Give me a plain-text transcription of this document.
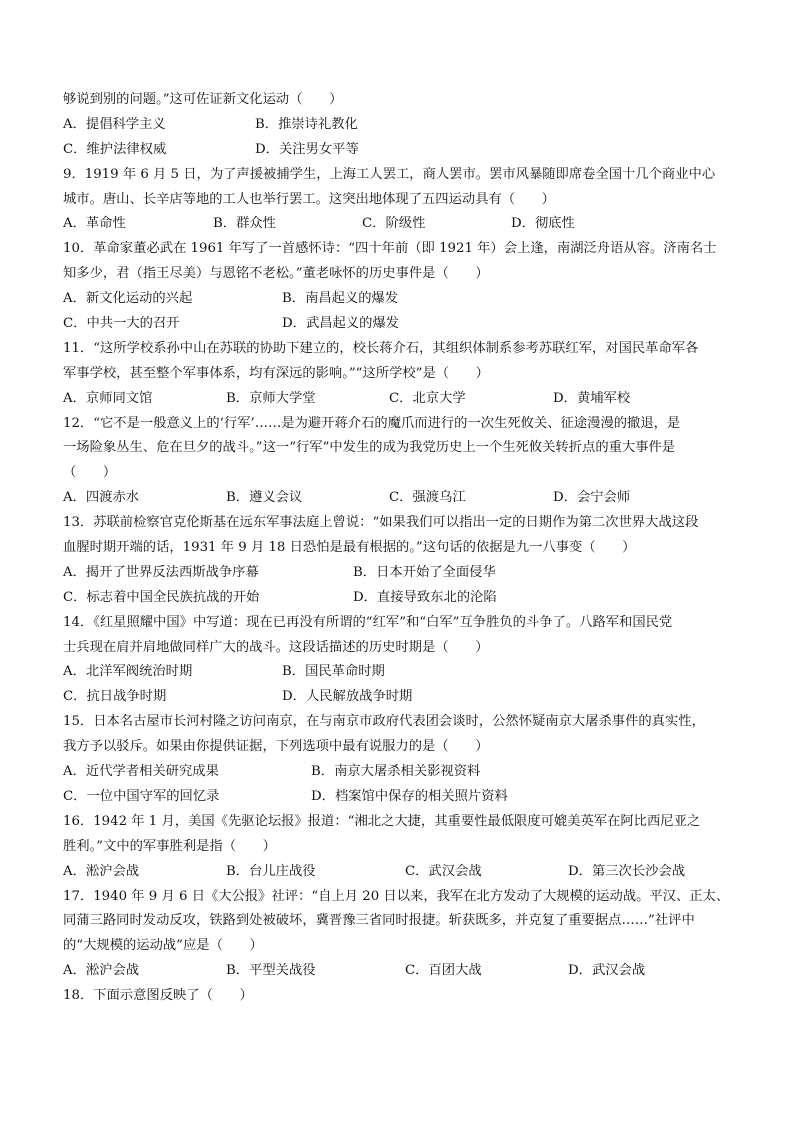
够说到别的问题。”这可佐证新文化运动（　　）
A．提倡科学主义	B．推崇诗礼教化
C．维护法律权威	D．关注男女平等
9．1919 年 6 月 5 日，为了声援被捕学生，上海工人罢工，商人罢市。罢市风暴随即席卷全国十几个商业中心
城市。唐山、长辛店等地的工人也举行罢工。这突出地体现了五四运动具有（　　）
A．革命性	B．群众性	C．阶级性	D．彻底性
10．革命家董必武在 1961 年写了一首感怀诗：“四十年前（即 1921 年）会上逢，南湖泛舟语从容。济南名士
知多少，君（指王尽美）与恩铭不老松。”董老咏怀的历史事件是（　　）
A．新文化运动的兴起	B．南昌起义的爆发
C．中共一大的召开	D．武昌起义的爆发
11．“这所学校系孙中山在苏联的协助下建立的，校长蒋介石，其组织体制系参考苏联红军，对国民革命军各
军事学校，甚至整个军事体系，均有深远的影响。”“这所学校”是（　　）
A．京师同文馆	B．京师大学堂	C．北京大学	D．黄埔军校
12．“它不是一般意义上的‘行军’……是为避开蒋介石的魔爪而进行的一次生死攸关、征途漫漫的撤退，是
一场险象丛生、危在旦夕的战斗。”这一“行军”中发生的成为我党历史上一个生死攸关转折点的重大事件是
（　　）
A．四渡赤水	B．遵义会议	C．强渡乌江	D．会宁会师
13．苏联前检察官克伦斯基在远东军事法庭上曾说：“如果我们可以指出一定的日期作为第二次世界大战这段
血腥时期开端的话，1931 年 9 月 18 日恐怕是最有根据的。”这句话的依据是九一八事变（　　）
A．揭开了世界反法西斯战争序幕	B．日本开始了全面侵华
C．标志着中国全民族抗战的开始	D．直接导致东北的沦陷
14．《红星照耀中国》中写道：现在已再没有所谓的“红军”和“白军”互争胜负的斗争了。八路军和国民党
士兵现在肩并肩地做同样广大的战斗。这段话描述的历史时期是（　　）
A．北洋军阀统治时期	B．国民革命时期
C．抗日战争时期	D．人民解放战争时期
15．日本名古屋市长河村隆之访问南京，在与南京市政府代表团会谈时，公然怀疑南京大屠杀事件的真实性，
我方予以驳斥。如果由你提供证据，下列选项中最有说服力的是（　　）
A．近代学者相关研究成果	B．南京大屠杀相关影视资料
C．一位中国守军的回忆录	D．档案馆中保存的相关照片资料
16．1942 年 1 月，美国《先驱论坛报》报道：“湘北之大捷，其重要性最低限度可媲美英军在阿比西尼亚之
胜利。”文中的军事胜利是指（　　）
A．淞沪会战	B．台儿庄战役	C．武汉会战	D．第三次长沙会战
17．1940 年 9 月 6 日《大公报》社评：“自上月 20 日以来，我军在北方发动了大规模的运动战。平汉、正太、
同蒲三路同时发动反攻，铁路到处被破坏，冀晋豫三省同时报捷。斩获既多，并克复了重要据点……”社评中
的“大规模的运动战”应是（　　）
A．淞沪会战	B．平型关战役	C．百团大战	D．武汉会战
18．下面示意图反映了（　　）
